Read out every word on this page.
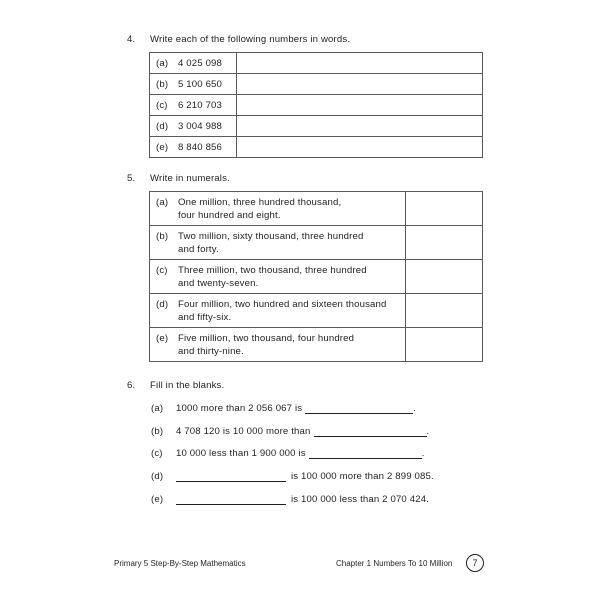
4. Write each of the following numbers in words.
(a) 4 025 098	

(b) 5 100 650	

(c) 6 210 703	

(d) 3 004 988	

(e) 8 840 856	

5. Write in numerals.
(a) One million, three hundred thousand,
four hundred and eight.	

(b) Two million, sixty thousand, three hundred
and forty.	

(c) Three million, two thousand, three hundred
and twenty-seven.	

(d) Four million, two hundred and sixteen thousand
and fifty-six.	

(e) Five million, two thousand, four hundred
and thirty-nine.	

6. Fill in the blanks.
(a) 1000 more than 2 056 067 is	.
(b) 4 708 120 is 10 000 more than	.
(c) 10 000 less than 1 900 000 is	.
(d)	is 100 000 more than 2 899 085.
(e)	is 100 000 less than 2 070 424.
Primary 5 Step-By-Step Mathematics	Chapter 1 Numbers To 10 Million	7
